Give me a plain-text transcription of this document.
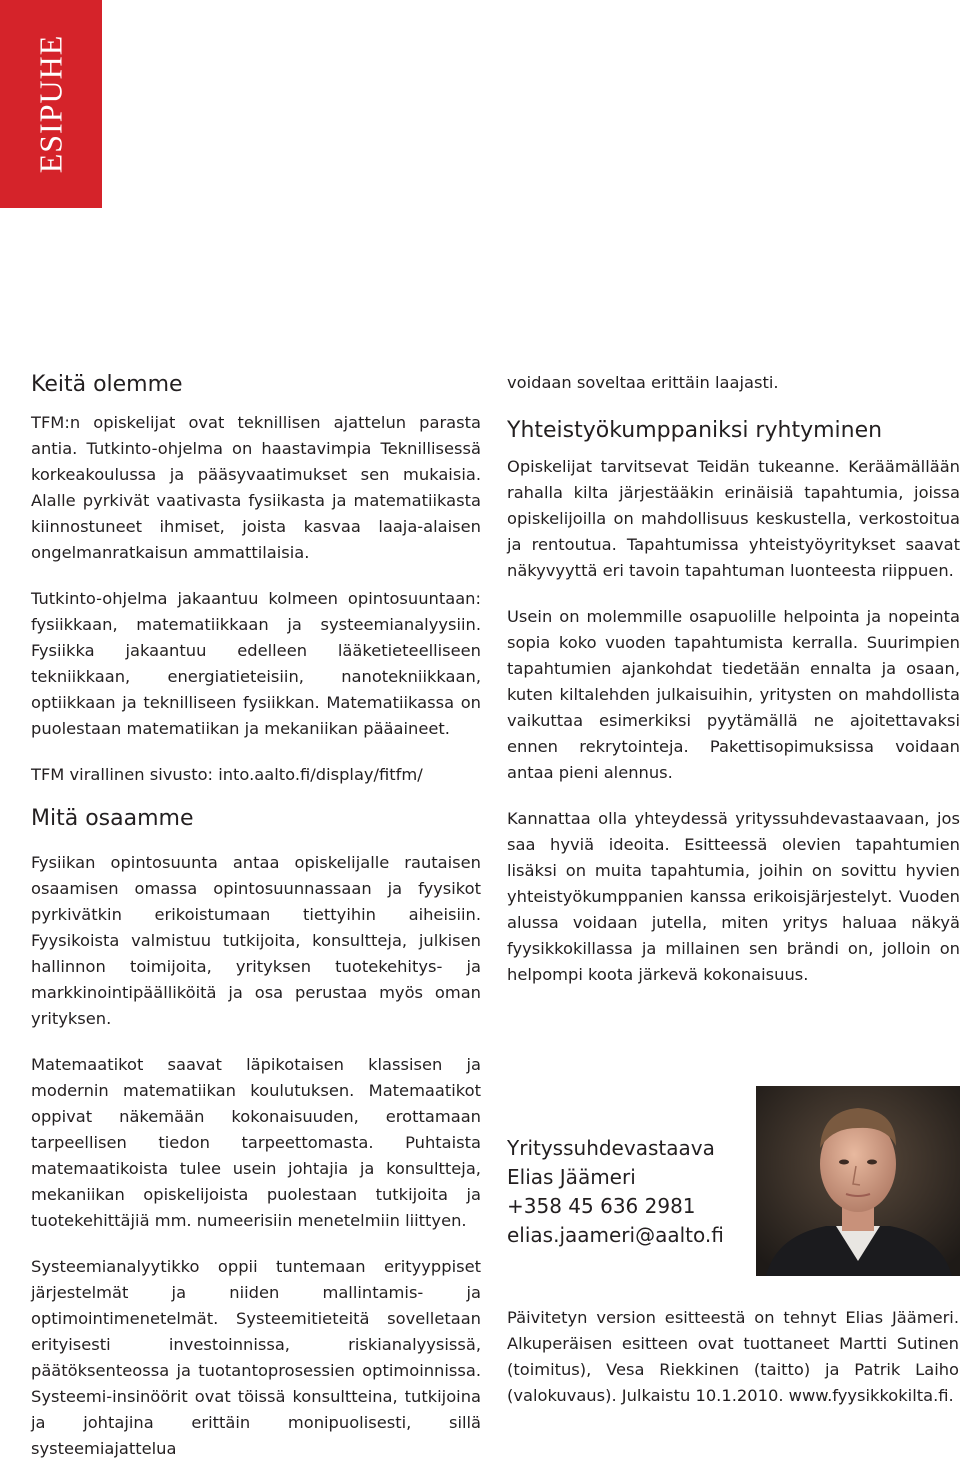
ESIPUHE
Keitä olemme

TFM:n opiskelijat ovat teknillisen ajattelun parasta antia. Tutkinto-ohjelma on haastavimpia Teknillisessä korkeakoulussa ja pääsyvaatimukset sen mukaisia. Alalle pyrkivät vaativasta fysiikasta ja matematiikasta kiinnostuneet ihmiset, joista kasvaa laaja-alaisen ongelmanratkaisun ammattilaisia.

Tutkinto-ohjelma jakaantuu kolmeen opintosuuntaan: fysiikkaan, matematiikkaan ja systeemianalyysiin. Fysiikka jakaantuu edelleen lääketieteelliseen tekniikkaan, energiatieteisiin, nanotekniikkaan, optiikkaan ja teknilliseen fysiikkan. Matematiikassa on puolestaan matematiikan ja mekaniikan pääaineet.

TFM virallinen sivusto: into.aalto.fi/display/fitfm/

Mitä osaamme

Fysiikan opintosuunta antaa opiskelijalle rautaisen osaamisen omassa opintosuunnassaan ja fyysikot pyrkivätkin erikoistumaan tiettyihin aiheisiin. Fyysikoista valmistuu tutkijoita, konsultteja, julkisen hallinnon toimijoita, yrityksen tuotekehitys- ja markkinointipäälliköitä ja osa perustaa myös oman yrityksen.

Matemaatikot saavat läpikotaisen klassisen ja modernin matematiikan koulutuksen. Matemaatikot oppivat näkemään kokonaisuuden, erottamaan tarpeellisen tiedon tarpeettomasta. Puhtaista matemaatikoista tulee usein johtajia ja konsultteja, mekaniikan opiskelijoista puolestaan tutkijoita ja tuotekehittäjiä mm. numeerisiin menetelmiin liittyen.

Systeemianalyytikko oppii tuntemaan erityyppiset järjestelmät ja niiden mallintamis- ja optimointimenetelmät. Systeemitieteitä sovelletaan erityisesti investoinnissa, riskianalyysissä, päätöksenteossa ja tuotantoprosessien optimoinnissa. Systeemi-insinöörit ovat töissä konsultteina, tutkijoina ja johtajina erittäin monipuolisesti, sillä systeemiajattelua

voidaan soveltaa erittäin laajasti.

Yhteistyökumppaniksi ryhtyminen

Opiskelijat tarvitsevat Teidän tukeanne. Keräämällään rahalla kilta järjestääkin erinäisiä tapahtumia, joissa opiskelijoilla on mahdollisuus keskustella, verkostoitua ja rentoutua. Tapahtumissa yhteistyöyritykset saavat näkyvyyttä eri tavoin tapahtuman luonteesta riippuen.

Usein on molemmille osapuolille helpointa ja nopeinta sopia koko vuoden tapahtumista kerralla. Suurimpien tapahtumien ajankohdat tiedetään ennalta ja osaan, kuten kiltalehden julkaisuihin, yritysten on mahdollista vaikuttaa esimerkiksi pyytämällä ne ajoitettavaksi ennen rekrytointeja. Pakettisopimuksissa voidaan antaa pieni alennus.

Kannattaa olla yhteydessä yrityssuhdevastaavaan, jos saa hyviä ideoita. Esitteessä olevien tapahtumien lisäksi on muita tapahtumia, joihin on sovittu hyvien yhteistyökumppanien kanssa erikoisjärjestelyt. Vuoden alussa voidaan jutella, miten yritys haluaa näkyä fyysikkokillassa ja millainen sen brändi on, jolloin on helpompi koota järkevä kokonaisuus.

Yrityssuhdevastaava
Elias Jäämeri
+358 45 636 2981
elias.jaameri@aalto.fi
Päivitetyn version esitteestä on tehnyt Elias Jäämeri. Alkuperäisen esitteen ovat tuottaneet Martti Sutinen (toimitus), Vesa Riekkinen (taitto) ja Patrik Laiho (valokuvaus). Julkaistu 10.1.2010. www.fyysikkokilta.fi.
